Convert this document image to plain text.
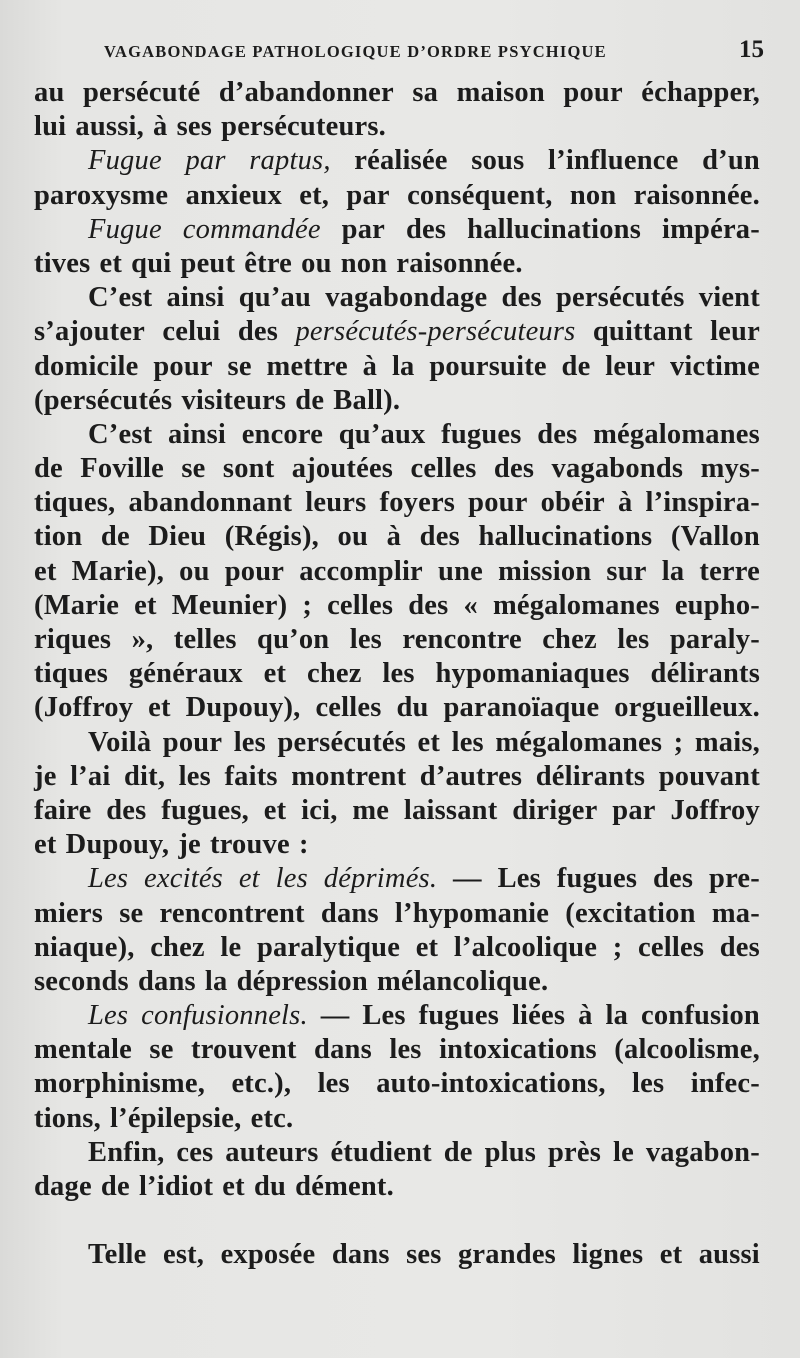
VAGABONDAGE PATHOLOGIQUE D’ORDRE PSYCHIQUE	15
au persécuté d’abandonner sa maison pour échapper,
lui aussi, à ses persécuteurs.
Fugue par raptus, réalisée sous l’influence d’un
paroxysme anxieux et, par conséquent, non raisonnée.
Fugue commandée par des hallucinations impéra-
tives et qui peut être ou non raisonnée.
C’est ainsi qu’au vagabondage des persécutés vient
s’ajouter celui des persécutés-persécuteurs quittant leur
domicile pour se mettre à la poursuite de leur victime
(persécutés visiteurs de Ball).
C’est ainsi encore qu’aux fugues des mégalomanes
de Foville se sont ajoutées celles des vagabonds mys-
tiques, abandonnant leurs foyers pour obéir à l’inspira-
tion de Dieu (Régis), ou à des hallucinations (Vallon
et Marie), ou pour accomplir une mission sur la terre
(Marie et Meunier) ; celles des « mégalomanes eupho-
riques », telles qu’on les rencontre chez les paraly-
tiques généraux et chez les hypomaniaques délirants
(Joffroy et Dupouy), celles du paranoïaque orgueilleux.
Voilà pour les persécutés et les mégalomanes ; mais,
je l’ai dit, les faits montrent d’autres délirants pouvant
faire des fugues, et ici, me laissant diriger par Joffroy
et Dupouy, je trouve :
Les excités et les déprimés. — Les fugues des pre-
miers se rencontrent dans l’hypomanie (excitation ma-
niaque), chez le paralytique et l’alcoolique ; celles des
seconds dans la dépression mélancolique.
Les confusionnels. — Les fugues liées à la confusion
mentale se trouvent dans les intoxications (alcoolisme,
morphinisme, etc.), les auto-intoxications, les infec-
tions, l’épilepsie, etc.
Enfin, ces auteurs étudient de plus près le vagabon-
dage de l’idiot et du dément.
Telle est, exposée dans ses grandes lignes et aussi
